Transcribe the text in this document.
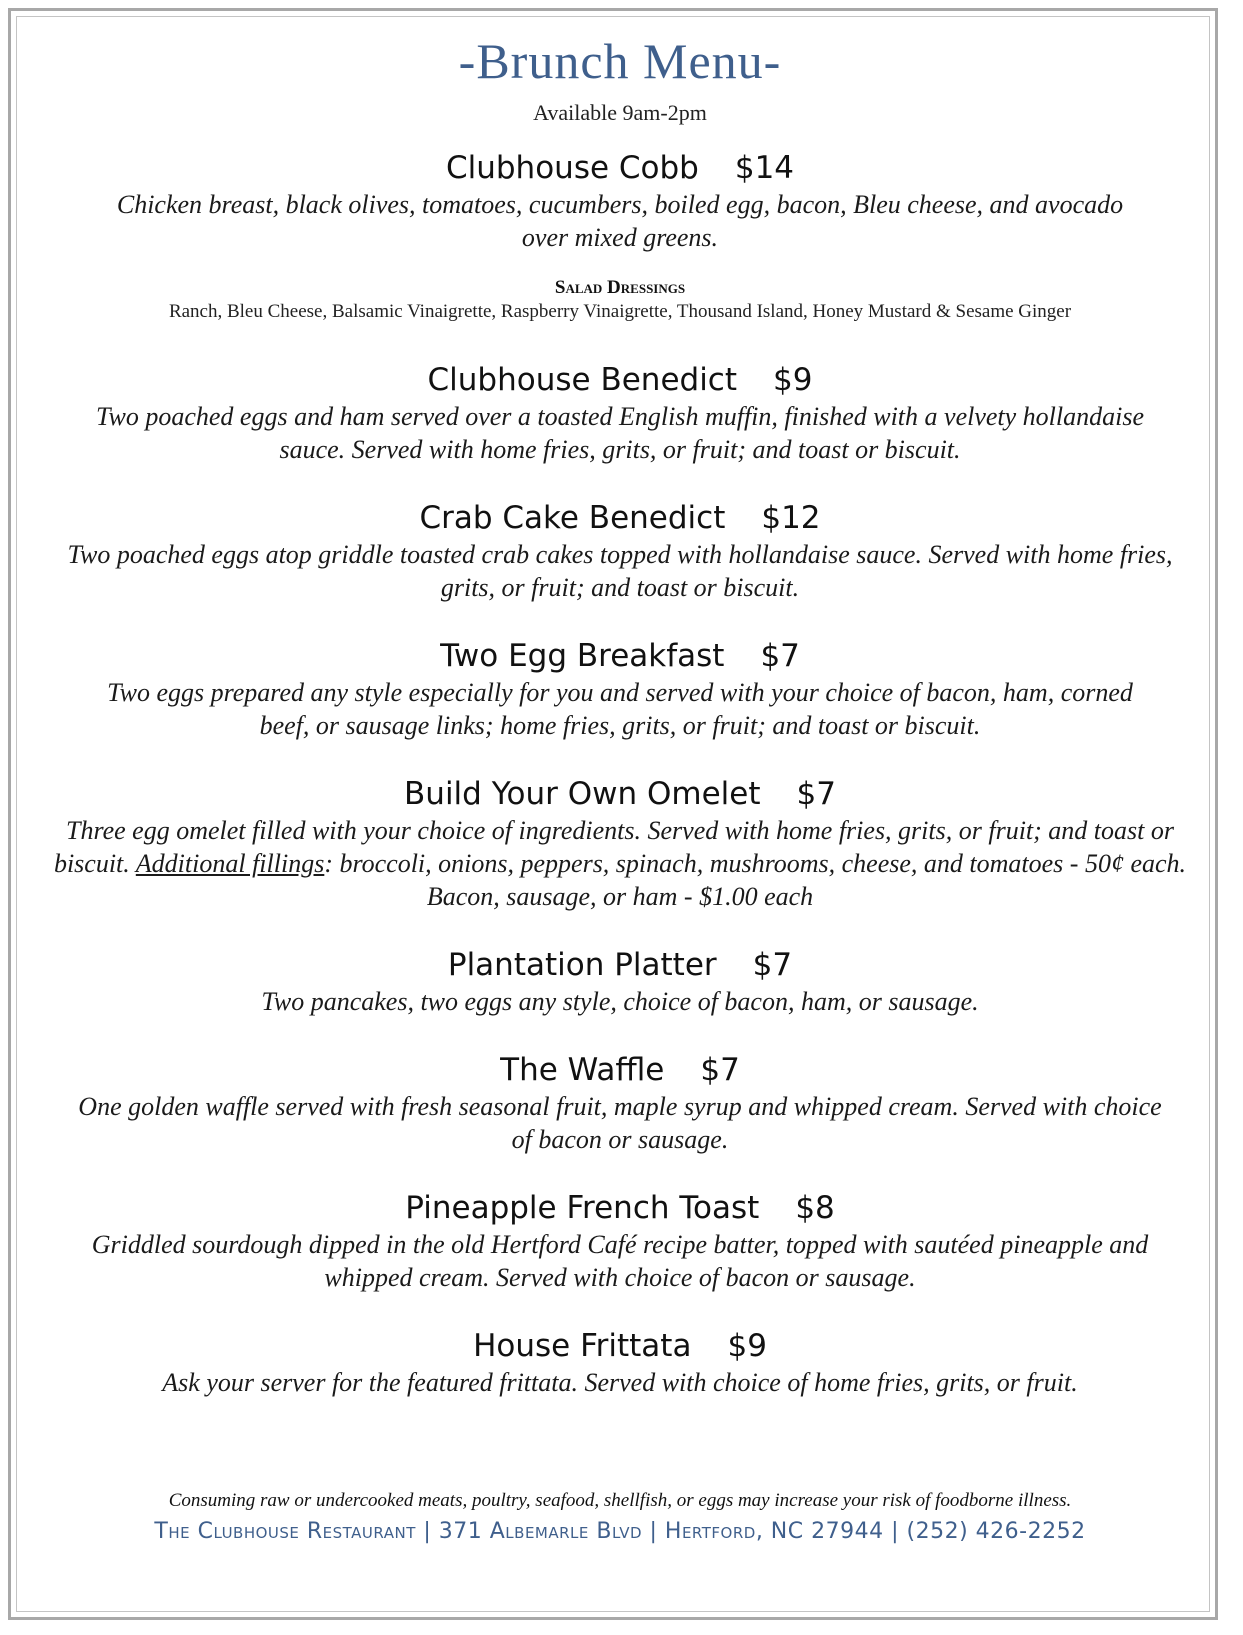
-Brunch Menu-
Available 9am-2pm
Clubhouse Cobb $14
Chicken breast, black olives, tomatoes, cucumbers, boiled egg, bacon, Bleu cheese, and avocado over mixed greens.
Salad Dressings
Ranch, Bleu Cheese, Balsamic Vinaigrette, Raspberry Vinaigrette, Thousand Island, Honey Mustard & Sesame Ginger
Clubhouse Benedict $9
Two poached eggs and ham served over a toasted English muffin, finished with a velvety hollandaise sauce. Served with home fries, grits, or fruit; and toast or biscuit.
Crab Cake Benedict $12
Two poached eggs atop griddle toasted crab cakes topped with hollandaise sauce. Served with home fries, grits, or fruit; and toast or biscuit.
Two Egg Breakfast $7
Two eggs prepared any style especially for you and served with your choice of bacon, ham, corned beef, or sausage links; home fries, grits, or fruit; and toast or biscuit.
Build Your Own Omelet $7
Three egg omelet filled with your choice of ingredients. Served with home fries, grits, or fruit; and toast or biscuit. Additional fillings: broccoli, onions, peppers, spinach, mushrooms, cheese, and tomatoes - 50¢ each. Bacon, sausage, or ham - $1.00 each
Plantation Platter $7
Two pancakes, two eggs any style, choice of bacon, ham, or sausage.
The Waffle $7
One golden waffle served with fresh seasonal fruit, maple syrup and whipped cream. Served with choice of bacon or sausage.
Pineapple French Toast $8
Griddled sourdough dipped in the old Hertford Café recipe batter, topped with sautéed pineapple and whipped cream. Served with choice of bacon or sausage.
House Frittata $9
Ask your server for the featured frittata. Served with choice of home fries, grits, or fruit.
Consuming raw or undercooked meats, poultry, seafood, shellfish, or eggs may increase your risk of foodborne illness.
The Clubhouse Restaurant | 371 Albemarle Blvd | Hertford, NC 27944 | (252) 426-2252
